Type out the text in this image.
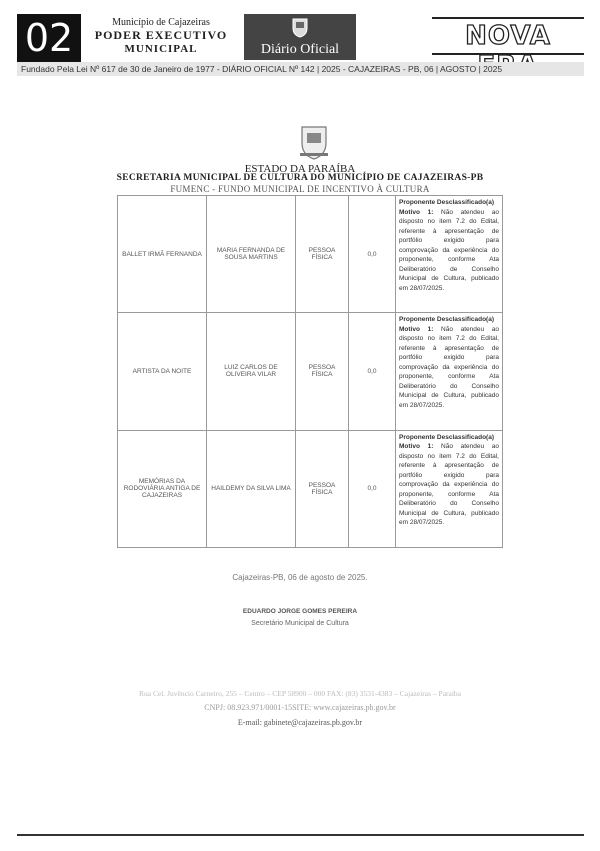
02	Município de Cajazeiras
PODER EXECUTIVO
MUNICIPAL	Diário Oficial	NOVA
Fundado Pela Lei Nº 617 de 30 de Janeiro de 1977 - DIÁRIO OFICIAL Nº 142 | 2025 - CAJAZEIRAS - PB, 06 | AGOSTO | 2025
ESTADO DA PARAÍBA
SECRETARIA MUNICIPAL DE CULTURA DO MUNICÍPIO DE CAJAZEIRAS-PB
FUMENC - FUNDO MUNICIPAL DE INCENTIVO À CULTURA
BALLET IRMÃ FERNANDA	MARIA FERNANDA DE SOUSA MARTINS	PESSOA FÍSICA	0,0	Proponente Desclassificado(a)
Motivo 1: Não atendeu ao disposto no item 7.2 do Edital, referente à apresentação de portfólio exigido para comprovação da experiência do proponente, conforme Ata Deliberatório de Conselho Municipal de Cultura, publicado em 28/07/2025.
ARTISTA DA NOITE	LUIZ CARLOS DE OLIVEIRA VILAR	PESSOA FÍSICA	0,0	Proponente Desclassificado(a)
Motivo 1: Não atendeu ao disposto no item 7.2 do Edital, referente à apresentação de portfólio exigido para comprovação da experiência do proponente, conforme Ata Deliberatório do Conselho Municipal de Cultura, publicado em 28/07/2025.
MEMÓRIAS DA RODOVIÁRIA ANTIGA DE CAJAZEIRAS	HAILDEMY DA SILVA LIMA	PESSOA FÍSICA	0,0	Proponente Desclassificado(a)
Motivo 1: Não atendeu ao disposto no item 7.2 do Edital, referente à apresentação de portfólio exigido para comprovação da experiência do proponente, conforme Ata Deliberatório do Conselho Municipal de Cultura, publicado em 28/07/2025.
Cajazeiras-PB, 06 de agosto de 2025.
EDUARDO JORGE GOMES PEREIRA
Secretário Municipal de Cultura
Rua Cel. Juvêncio Carneiro, 255 – Centro – CEP 58900 – 000 FAX: (83) 3531-4383 – Cajazeiras – Paraíba
CNPJ: 08.923.971/0001-15SITE: www.cajazeiras.pb.gov.br
E-mail: gabinete@cajazeiras.pb.gov.br
